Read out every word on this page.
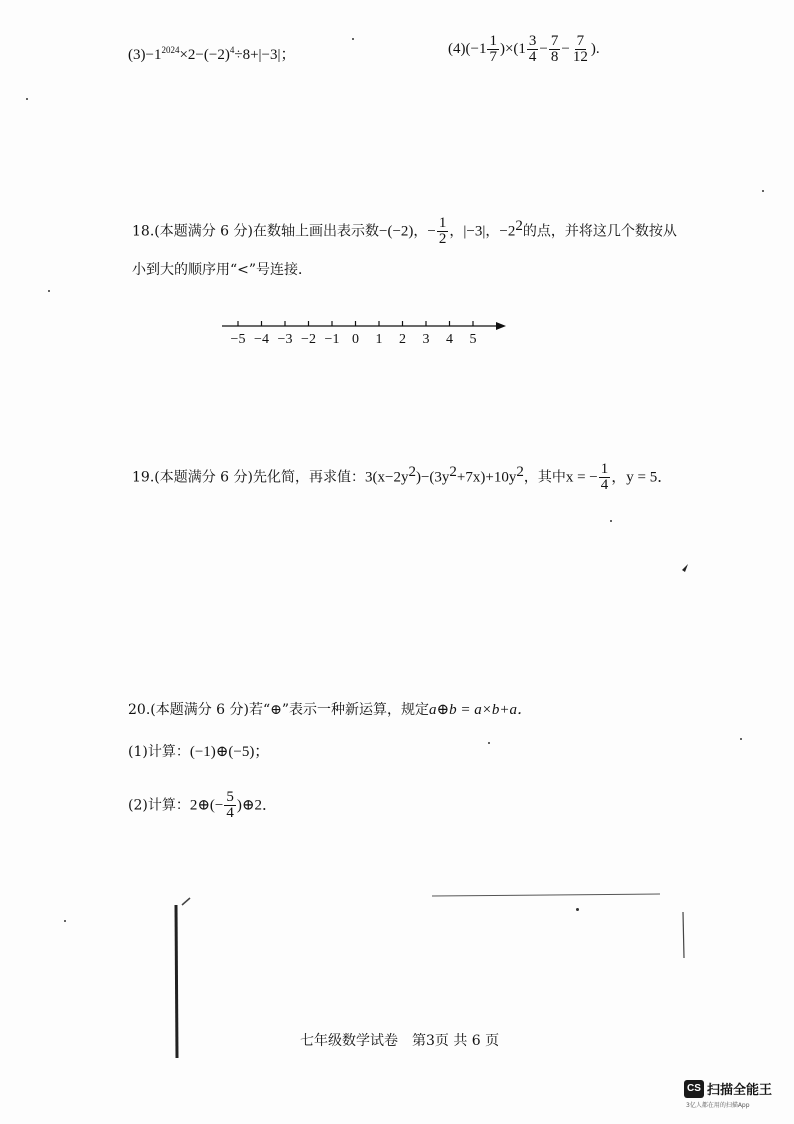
$(3)-1^{2024}\times 2-(-2)^4\div 8+|-3|$；	$(4)(-1 \frac{1}{7} )\times(1 \frac{3}{4} - \frac{7}{8} - \frac{7}{12}$ ).
18.(本题满分 6 分)在数轴上画出表示数−(−2)，− $\frac{1}{2}$ ，|−3|，$-2^2$的点，并将这几个数按从
小到大的顺序用“<”号连接．
−5 −4 −3 −2 −1 0 1 2 3 4 5
19.(本题满分 6 分)先化简，再求值：$3(x-2y^2)-(3y^2+7x)+10y^2$，其中x = − $\frac{1}{4}$ ，y = 5．
20.(本题满分 6 分)若“⊕”表示一种新运算，规定a⊕b = a×b+a．
(1)计算：(−1)⊕(−5)；
(2)计算：2⊕(− $\frac{5}{4}$ )⊕2．
七年级数学试卷　第3页 共 6 页
CS 扫描全能王
3亿人都在用的扫描App
